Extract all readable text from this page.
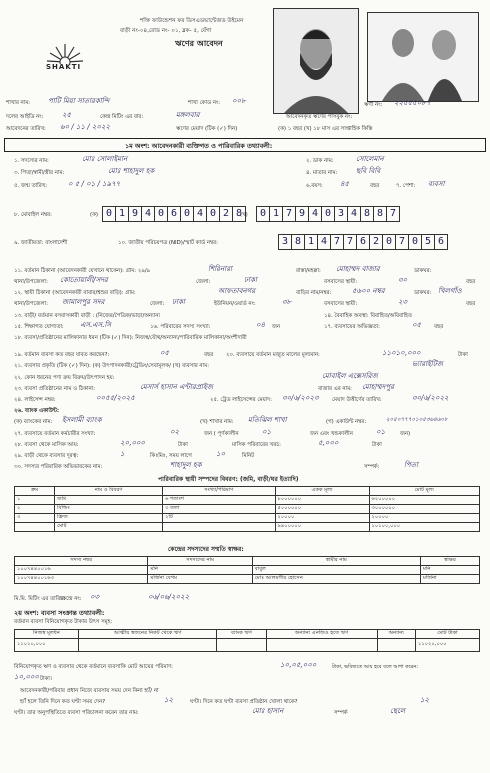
SHAKTI
শক্তি ফাউন্ডেশন ফর ডিসএডভান্টেজড উইমেন
বাড়ী নং-০৪,রোড নং- ০১, ব্লক- ৫, যেঁগা
ঋণের আবেদন
শাখার নাম:	পাটি মিয়া সাতারকান্দি	শাখা কোড নং: ০০৮	ঋণী নং: ২২৫৫৫০৮৭
দলের আইডি নং:	২৫	কেন্দ্র মিটিং এর বার:	মঙ্গলবার	আবেদনকৃত ঋণের পাসবুক নং:
আবেদনের তারিখ: ৬০ / ১১ / ২০২২	ঋণের মেয়াদ (টিক (✓) দিন)	(ক) ১ বছর (খ) ১৮ মাস এর সাপ্তাহিক কিস্তি
১ম অংশ: আবেদনকারী ব্যক্তিগত ও পারিবারিক তথ্যাবলী:
১. সদস্যের নাম:	মোঃ সোলাইমান	২. ডাক নাম:	সোলেমান
৩. পিতা/স্বামী/স্ত্রীর নাম:	মোঃ শাহাদুল হক	৪. মাতার নাম:	ছবি বিবি
৫. জন্ম তারিখ:	০ ৫ / ০১ / ১৯৭৭	৬.বয়স: ৪৫	বছর	৭. পেশা: ব্যবসা
৮. মোবাইল নম্বর:	(ক) 0 1 9 4 0 6 0 4 0 2 8
(খ) 0 1 7 9 4 0 3 4 8 8 7
৯. জাতীয়তা: বাংলাদেশী	১০. জাতীয় পরিচয়পত্র (NID)/স্মার্ট কার্ড নম্বর:	3 8 1 4 7 7 6 2 0 7 0 5 6
১১. বর্তমান ঠিকানা (আবেদনকারী যেখানে থাকেন): গ্রাম: ২৯/৯	শিরিনারা	রাস্তা/মহল্লা: মোহাম্মদ বাজার	ডাকঘর:
থানা/উপজেলা: কোতোয়ালী/সদর	জেলা:	ঢাকা	বসবাসের স্থায়ী:	৩০	বছর
১২. স্থায়ী ঠিকানা (আবেদনকারী বাবার/শ্বশুর বাড়ি): গ্রাম:	আফতাবনগর	বাড়ির নাম/নম্বর:	৫৬০০ নম্বর	ডাকঘর: খিলগাঁও
থানা/উপজেলা: জামালপুর সদর	জেলা: ঢাকা	ইউনিয়ন/ওয়ার্ড নং:	৩৮	বসবাসের স্থায়ী:	২৩	বছর
১৩. বাড়ী/ বর্তমান বসবাসকারী বাড়ী : (নিজের/পৈত্রিক/ভাড়া/অন্যান্য	১৪. বৈবাহিক অবস্থা: বিবাহিত/অবিবাহিত
১৫. শিক্ষাগত যোগ্যতা: এস.এস.সি	১৬. পরিবারের সদস্য সংখ্যা:	০৪ জন	১৭. ব্যবসায়ের অভিজ্ঞতা:	০৫ বছর
১৮. ব্যবসা/প্রতিষ্ঠানের মালিকানার ধরন (টিক (✓) দিন): নিজস্ব/যৌথ/অন্যান্য/পারিবারিক মালিকানা/অংশীদারী
১৯. বর্তমান ব্যবসা কত বছর যাবত করছেন?:	০৫	বছর ২০. ব্যবসায়ে বর্তমান মজুত মালের মূল্যমান:	১১০১০,০০০	টাকা
২১. ব্যবসার প্রকৃতি (টিক (✓) দিন): (ক) উৎপাদনকারী/ট্রেডিং/সেবামূলক/ (খ) ব্যবসার নাম:	ভ্যারাইটিজ
২২. কোন ধরনের পণ্য ক্রয় বিক্রয়/উৎপাদন হয়:	মোবাইল এক্সেসরিজ
২৩. ব্যবসা প্রতিষ্ঠানের নাম ও ঠিকানা:	মেসার্স হাসান এন্টারপ্রাইজ	বাজার এর নাম: মোহাম্মদপুর
২৪. লাইসেন্স নম্বর:	০০৫৫/২০২৫	২৫. ট্রেড লাইসেন্সের মেয়াদ: ৩০/৬/২০২৩ মেয়াদ উত্তীর্ণের তারিখ:	৩০/৬/২০২২
২৬. ব্যাংক একাউন্ট:
(ক) ব্যাংকের নাম: ইসলামী ব্যাংক	(খ) শাখার নাম: মতিঝিল শাখা	(গ) একাউন্ট নম্বর:	২০৫০৭৭৭০১০৫৩৬৪৬০৮
২৭. ব্যবসায়ে বর্তমান কর্মচারীর সংখ্যা:	০২	জন ( পূর্ণকালীন	০১	জন এবং খন্ডকালীন	০১	জন)
২৮. ব্যবসা থেকে মাসিক আয়:	২০,০০০	টাকা	মাসিক পরিবারের খরচ:	৫,০০০	টাকা
২৯. বাড়ী থেকে ব্যবসার দূরত্ব:	১	কিঃমিঃ, সময় লাগে	১০	মিনিট
৩০. সদস্যর পরিবারিক অভিভাবকের নাম:	শাহাদুল হক	সম্পর্ক:	পিতা
পারিবারিক স্থায়ী সম্পদের বিবরণ: (জমি, বাড়ী/ঘর ইত্যাদি)
ক্রম	নাম ও বিবরণ	সংখ্যা/পরিমাণ	একক মূল্য	মোট মূল্য
১	জমি	৬ শতাংশ	৮০০০০০০	৬২০০০০০
২	বিল্ডিং	৩ তলা	৫০০০০০০	৩০০০০০০
৩	ফ্রিজ	২টি	২০০০০	২০০০০
	মোট		৯৯০০০০০	১০১০০,০০০
কেন্দ্রের সদস্যদের সম্মতি স্বাক্ষর:
সদস্য নম্বর	সদস্যদের নাম	স্বামীর নাম	স্বাক্ষর
১০০৭৪৪০০১৬	মনি	বাবুল	মনি
১০০৭৪৪০০১৬৩	মর্জিনা বেগম	মোঃ আলমগীর হোসেন	মর্জিনা
মি.মি. মিটিং এর তারিখ:	০৬/০৬/২০২২
কেন্দ্রে নং: ০৩
২য় অংশ: ব্যবসা সংক্রান্ত তথ্যাবলী:
বর্তমান ব্যবসা বিনিয়োগকৃত টাকার উৎস সমূহ:
নিজস্ব মূলধন	আত্মীয় স্বজনের নিকট থেকে ঋণ	ব্যাংক ঋণ	অন্যান্য এনজিও হতে ঋণ	অন্যান্য	মোট টাকা
১১০১০,০০০					১১০২০,০০০
বিনিয়োগকৃত ঋণ ও ব্যবসার থেকে বর্তমানে ব্যবসাকি মোট আয়ের পরিমাণ:	১০,০৫,০০০	টাকা, ভবিষ্যতে আয় হবে বলে আশা করেন:
১০,০০০ টাকা।
আবেদনকারী/পরিবার প্রধান নিজে ব্যবসায় সময় দেন কিনা হ্যাঁ/ না
হ্যাঁ হলে তিনি দিনে কত ঘণ্টা সময় দেন?	১২	ঘণ্টা। দিনে কত ঘণ্টা ব্যবসা প্রতিষ্ঠান খোলা থাকে?	১২
ঘণ্টা। তার অনুপস্থিতিতে ব্যবসা পরিচালনা করেন তার নাম:	মোঃ হাসান	সম্পর্ক	ছেলে
